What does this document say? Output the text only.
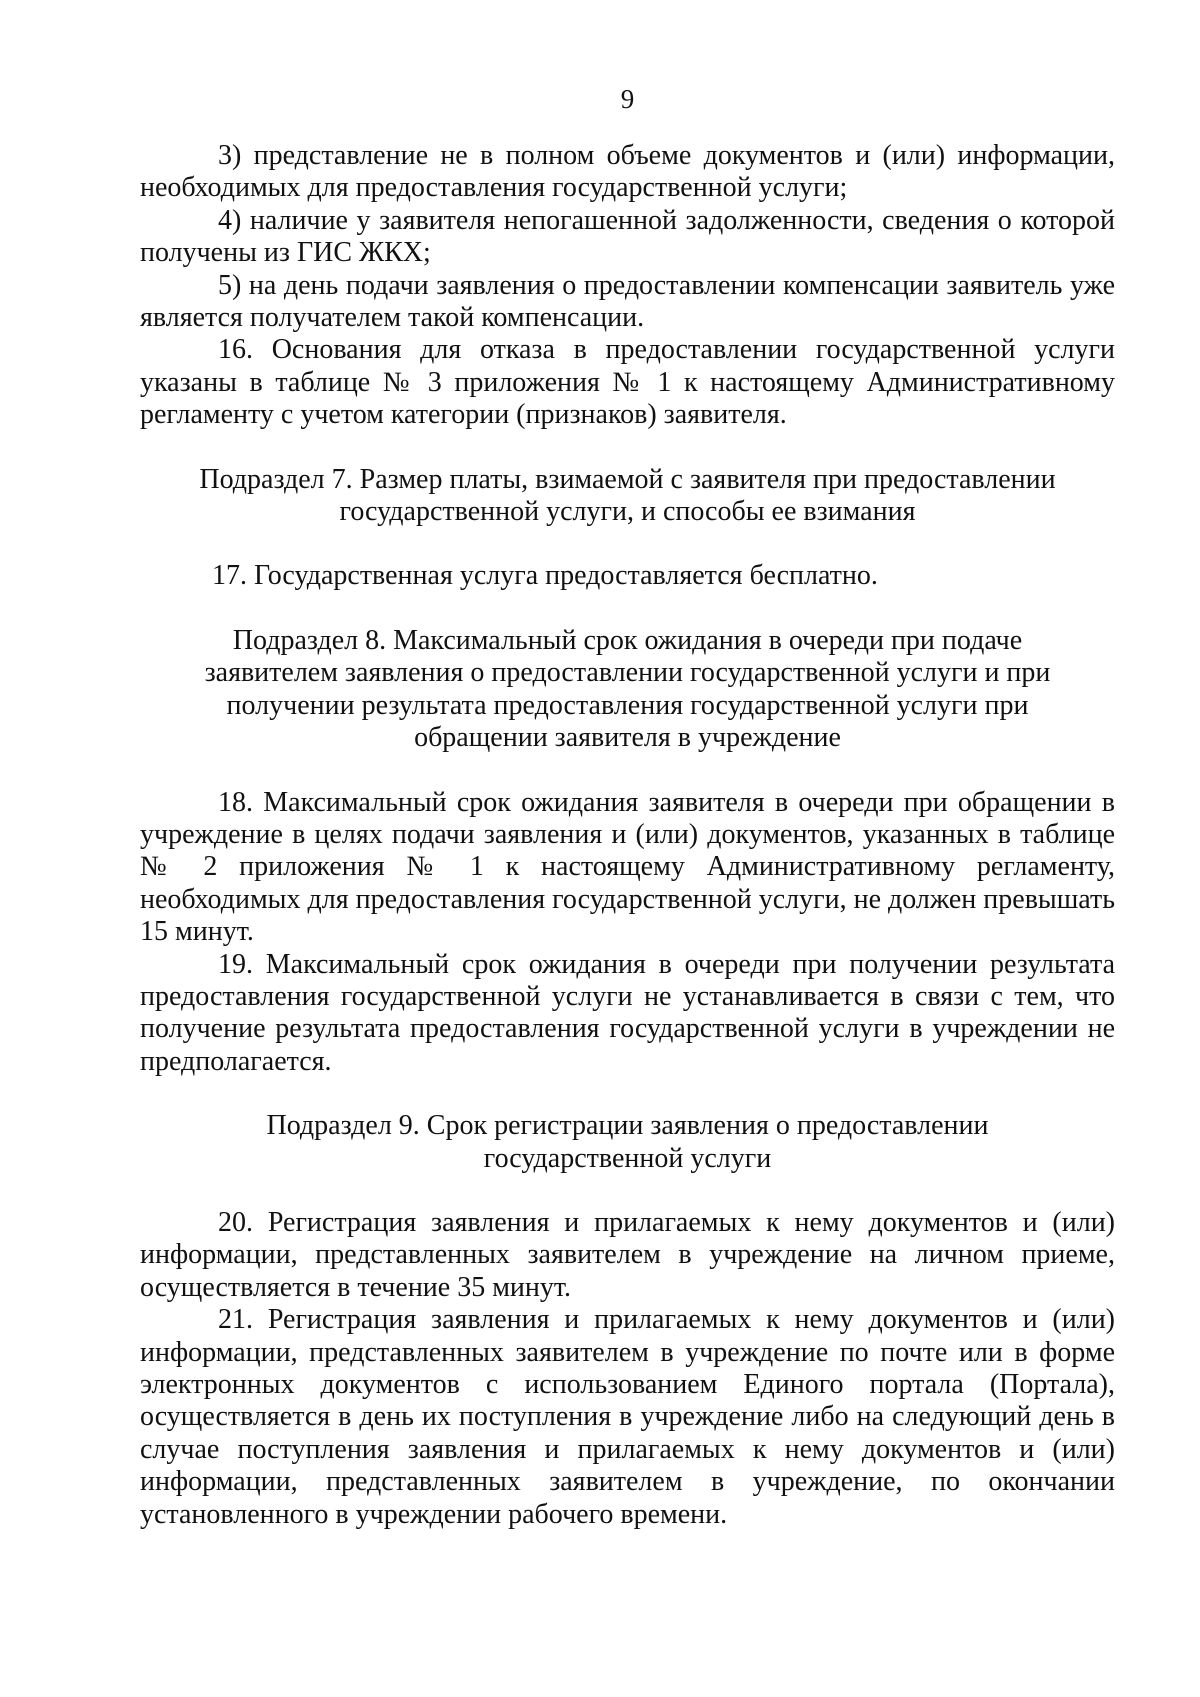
9

3) представление не в полном объеме документов и (или) информации, необходимых для предоставления государственной услуги;

4) наличие у заявителя непогашенной задолженности, сведения о которой получены из ГИС ЖКХ;

5) на день подачи заявления о предоставлении компенсации заявитель уже является получателем такой компенсации.

16. Основания для отказа в предоставлении государственной услуги указаны в таблице № 3 приложения № 1 к настоящему Административному регламенту с учетом категории (признаков) заявителя.

Подраздел 7. Размер платы, взимаемой с заявителя при предоставлении
государственной услуги, и способы ее взимания

17. Государственная услуга предоставляется бесплатно.

Подраздел 8. Максимальный срок ожидания в очереди при подаче
заявителем заявления о предоставлении государственной услуги и при
получении результата предоставления государственной услуги при
обращении заявителя в учреждение

18. Максимальный срок ожидания заявителя в очереди при обращении в учреждение в целях подачи заявления и (или) документов, указанных в таблице № 2 приложения № 1 к настоящему Административному регламенту, необходимых для предоставления государственной услуги, не должен превышать 15 минут.

19. Максимальный срок ожидания в очереди при получении результата предоставления государственной услуги не устанавливается в связи с тем, что получение результата предоставления государственной услуги в учреждении не предполагается.

Подраздел 9. Срок регистрации заявления о предоставлении
государственной услуги

20. Регистрация заявления и прилагаемых к нему документов и (или) информации, представленных заявителем в учреждение на личном приеме, осуществляется в течение 35 минут.

21. Регистрация заявления и прилагаемых к нему документов и (или) информации, представленных заявителем в учреждение по почте или в форме электронных документов с использованием Единого портала (Портала), осуществляется в день их поступления в учреждение либо на следующий день в случае поступления заявления и прилагаемых к нему документов и (или) информации, представленных заявителем в учреждение, по окончании установленного в учреждении рабочего времени.
